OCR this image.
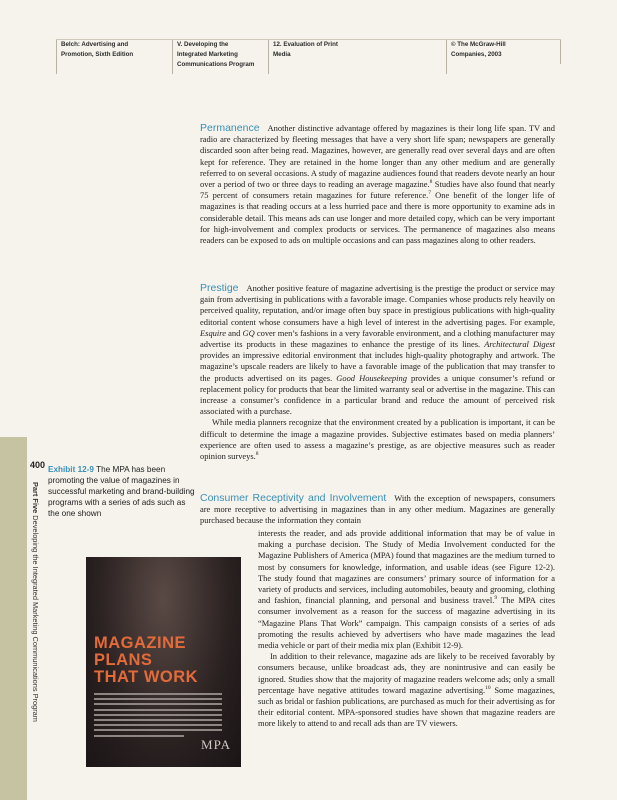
Belch: Advertising and
Promotion, Sixth Edition
V. Developing the
Integrated Marketing
Communications Program
12. Evaluation of Print
Media
© The McGraw-Hill
Companies, 2003
400
Part Five Developing the Integrated Marketing Communications Program
Exhibit 12-9 The MPA has been promoting the value of magazines in successful marketing and brand-building programs with a series of ads such as the one shown
MAGAZINE
PLANS
THAT WORK
MPA

Permanence Another distinctive advantage offered by magazines is their long life span. TV and radio are characterized by fleeting messages that have a very short life span; newspapers are generally discarded soon after being read. Magazines, however, are generally read over several days and are often kept for reference. They are retained in the home longer than any other medium and are generally referred to on several occasions. A study of magazine audiences found that readers devote nearly an hour over a period of two or three days to reading an average magazine.$^8$ Studies have also found that nearly 75 percent of consumers retain magazines for future reference.$^7$ One benefit of the longer life of magazines is that reading occurs at a less hurried pace and there is more opportunity to examine ads in considerable detail. This means ads can use longer and more detailed copy, which can be very important for high-involvement and complex products or services. The permanence of magazines also means readers can be exposed to ads on multiple occasions and can pass magazines along to other readers.

Prestige Another positive feature of magazine advertising is the prestige the product or service may gain from advertising in publications with a favorable image. Companies whose products rely heavily on perceived quality, reputation, and/or image often buy space in prestigious publications with high-quality editorial content whose consumers have a high level of interest in the advertising pages. For example, Esquire and GQ cover men’s fashions in a very favorable environment, and a clothing manufacturer may advertise its products in these magazines to enhance the prestige of its lines. Architectural Digest provides an impressive editorial environment that includes high-quality photography and artwork. The magazine’s upscale readers are likely to have a favorable image of the publication that may transfer to the products advertised on its pages. Good Housekeeping provides a unique consumer’s refund or replacement policy for products that bear the limited warranty seal or advertise in the magazine. This can increase a consumer’s confidence in a particular brand and reduce the amount of perceived risk associated with a purchase.

While media planners recognize that the environment created by a publication is important, it can be difficult to determine the image a magazine provides. Subjective estimates based on media planners’ experience are often used to assess a magazine’s prestige, as are objective measures such as reader opinion surveys.$^8$

Consumer Receptivity and Involvement With the exception of newspapers, consumers are more receptive to advertising in magazines than in any other medium. Magazines are generally purchased because the information they contain

interests the reader, and ads provide additional information that may be of value in making a purchase decision. The Study of Media Involvement conducted for the Magazine Publishers of America (MPA) found that magazines are the medium turned to most by consumers for knowledge, information, and usable ideas (see Figure 12-2). The study found that magazines are consumers’ primary source of information for a variety of products and services, including automobiles, beauty and grooming, clothing and fashion, financial planning, and personal and business travel.$^9$ The MPA cites consumer involvement as a reason for the success of magazine advertising in its “Magazine Plans That Work” campaign. This campaign consists of a series of ads promoting the results achieved by advertisers who have made magazines the lead media vehicle or part of their media mix plan (Exhibit 12-9).

In addition to their relevance, magazine ads are likely to be received favorably by consumers because, unlike broadcast ads, they are nonintrusive and can easily be ignored. Studies show that the majority of magazine readers welcome ads; only a small percentage have negative attitudes toward magazine advertising.$^{10}$ Some magazines, such as bridal or fashion publications, are purchased as much for their advertising as for their editorial content. MPA-sponsored studies have shown that magazine readers are more likely to attend to and recall ads than are TV viewers.
